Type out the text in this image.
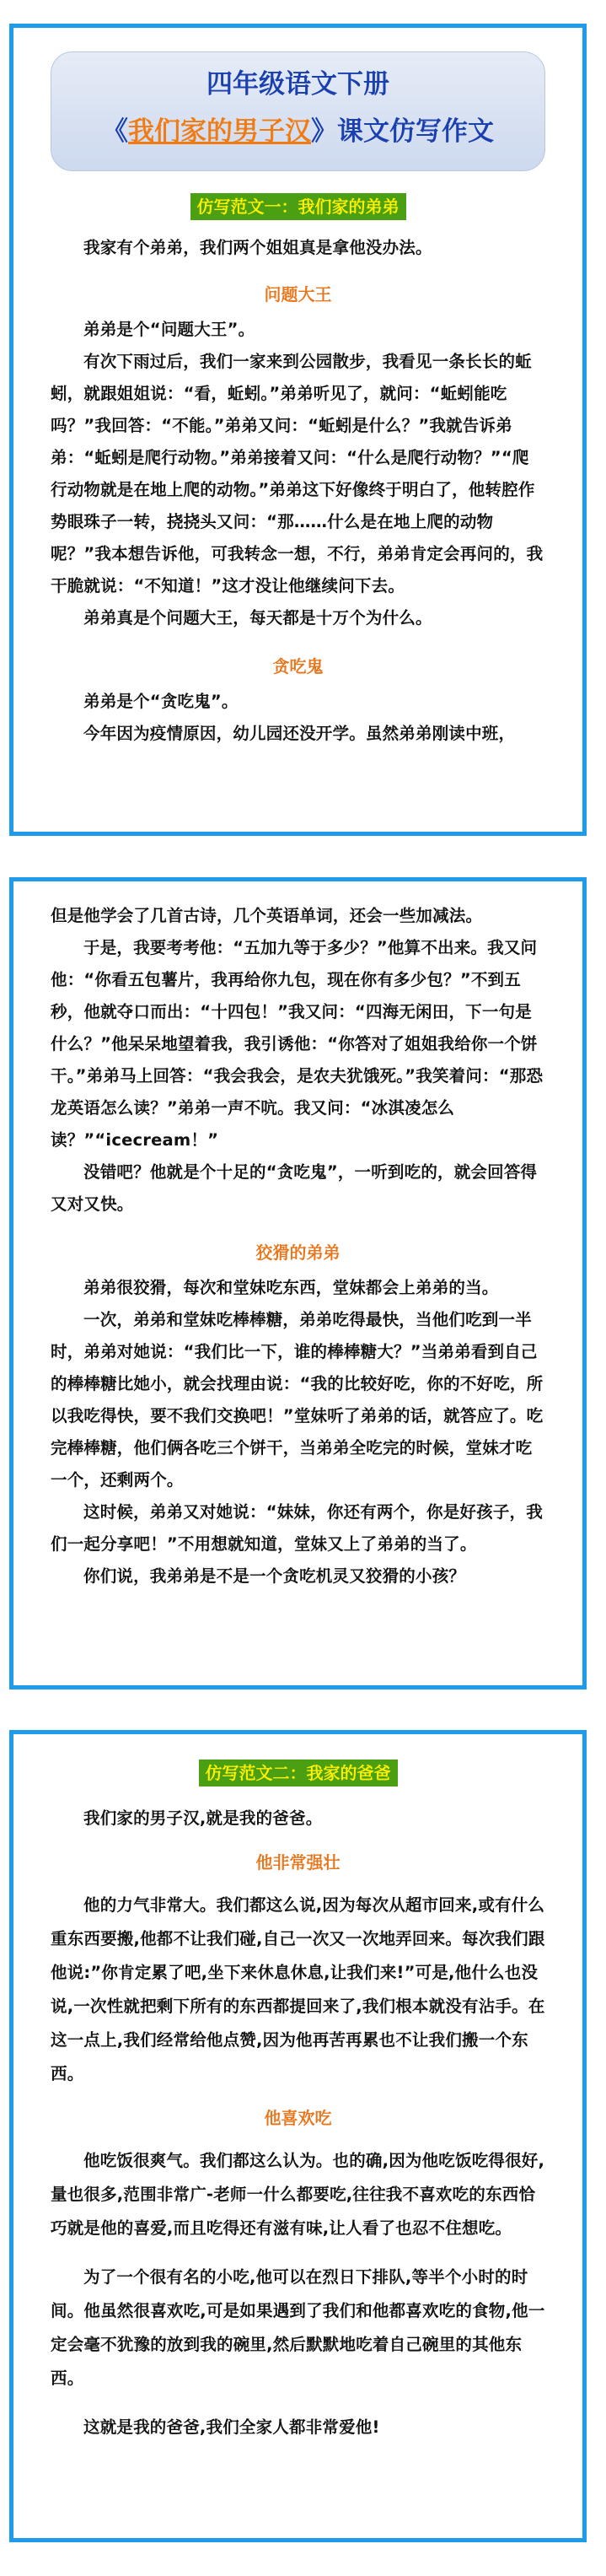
四年级语文下册
《我们家的男子汉》课文仿写作文
仿写范文一：我们家的弟弟
我家有个弟弟，我们两个姐姐真是拿他没办法。
问题大王
弟弟是个“问题大王”。
有次下雨过后，我们一家来到公园散步，我看见一条长长的蚯蚓，就跟姐姐说：“看，蚯蚓。”弟弟听见了，就问：“蚯蚓能吃吗？”我回答：“不能。”弟弟又问：“蚯蚓是什么？”我就告诉弟弟：“蚯蚓是爬行动物。”弟弟接着又问：“什么是爬行动物？”“爬行动物就是在地上爬的动物。”弟弟这下好像终于明白了，他转腔作势眼珠子一转，挠挠头又问：“那……什么是在地上爬的动物呢？”我本想告诉他，可我转念一想，不行，弟弟肯定会再问的，我干脆就说：“不知道！”这才没让他继续问下去。
弟弟真是个问题大王，每天都是十万个为什么。
贪吃鬼
弟弟是个“贪吃鬼”。
今年因为疫情原因，幼儿园还没开学。虽然弟弟刚读中班，
但是他学会了几首古诗，几个英语单词，还会一些加减法。
于是，我要考考他：“五加九等于多少？”他算不出来。我又问他：“你看五包薯片，我再给你九包，现在你有多少包？”不到五秒，他就夺口而出：“十四包！”我又问：“四海无闲田，下一句是什么？”他呆呆地望着我，我引诱他：“你答对了姐姐我给你一个饼干。”弟弟马上回答：“我会我会，是农夫犹饿死。”我笑着问：“那恐龙英语怎么读？”弟弟一声不吭。我又问：“冰淇凌怎么读？”“icecream！”
没错吧？他就是个十足的“贪吃鬼”，一听到吃的，就会回答得又对又快。
狡猾的弟弟
弟弟很狡猾，每次和堂妹吃东西，堂妹都会上弟弟的当。
一次，弟弟和堂妹吃棒棒糖，弟弟吃得最快，当他们吃到一半时，弟弟对她说：“我们比一下，谁的棒棒糖大？”当弟弟看到自己的棒棒糖比她小，就会找理由说：“我的比较好吃，你的不好吃，所以我吃得快，要不我们交换吧！”堂妹听了弟弟的话，就答应了。吃完棒棒糖，他们俩各吃三个饼干，当弟弟全吃完的时候，堂妹才吃一个，还剩两个。
这时候，弟弟又对她说：“妹妹，你还有两个，你是好孩子，我们一起分享吧！”不用想就知道，堂妹又上了弟弟的当了。
你们说，我弟弟是不是一个贪吃机灵又狡猾的小孩？
仿写范文二：我家的爸爸
我们家的男子汉,就是我的爸爸。
他非常强壮
他的力气非常大。我们都这么说,因为每次从超市回来,或有什么重东西要搬,他都不让我们碰,自己一次又一次地弄回来。每次我们跟他说:”你肯定累了吧,坐下来休息休息,让我们来!”可是,他什么也没说,一次性就把剩下所有的东西都提回来了,我们根本就没有沾手。在这一点上,我们经常给他点赞,因为他再苦再累也不让我们搬一个东西。
他喜欢吃
他吃饭很爽气。我们都这么认为。也的确,因为他吃饭吃得很好,量也很多,范围非常广-老师一什么都要吃,往往我不喜欢吃的东西恰巧就是他的喜爱,而且吃得还有滋有味,让人看了也忍不住想吃。
为了一个很有名的小吃,他可以在烈日下排队,等半个小时的时间。他虽然很喜欢吃,可是如果遇到了我们和他都喜欢吃的食物,他一定会毫不犹豫的放到我的碗里,然后默默地吃着自己碗里的其他东西。
这就是我的爸爸,我们全家人都非常爱他!
